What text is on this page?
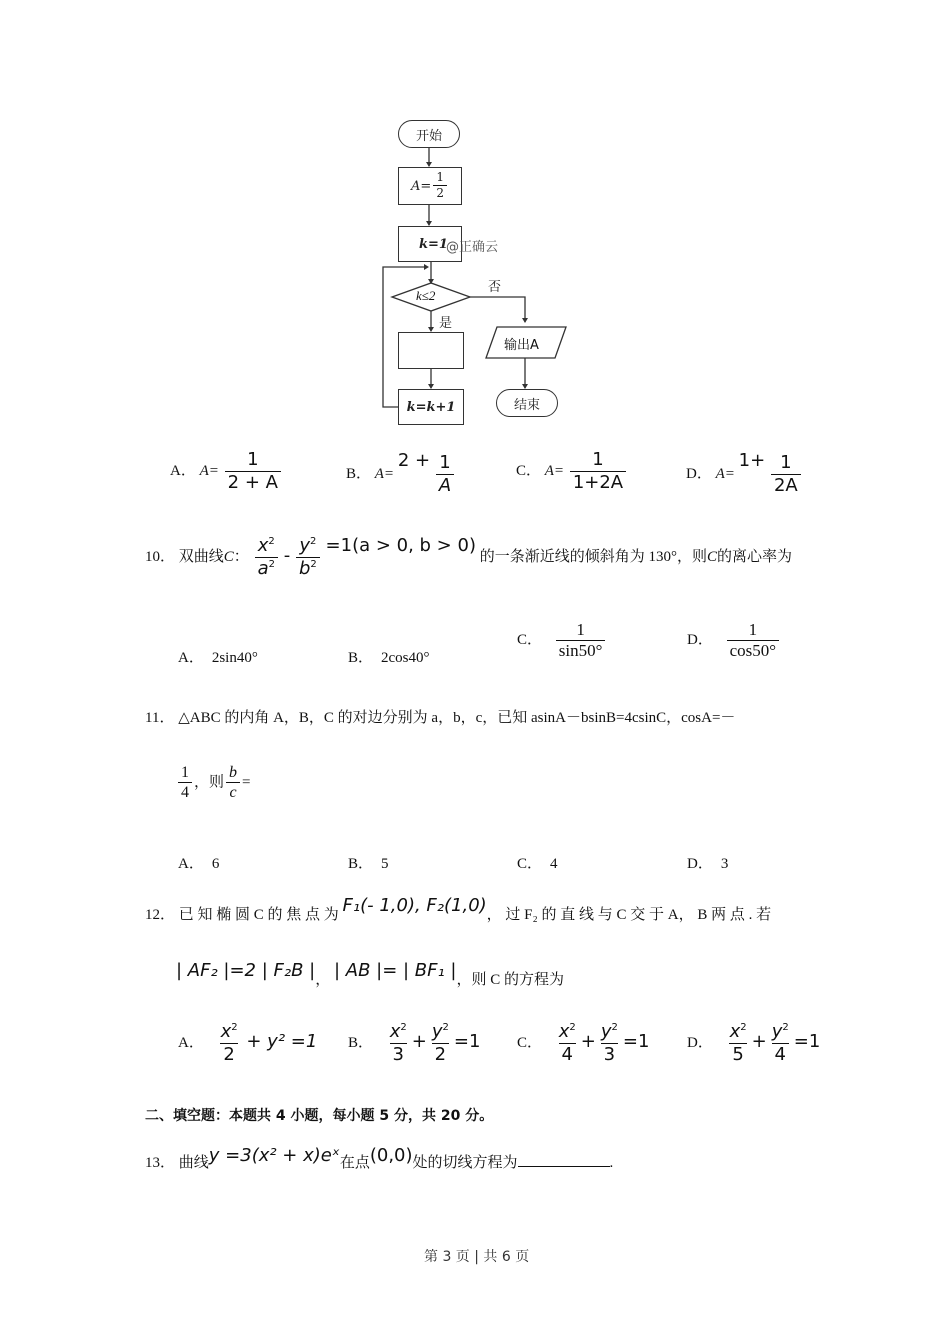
开始
$A= \frac{1}{2}$
k=1
@正确云
k≤2
是
否
k=k+1
输出A
结束
A． $A= \frac{1}{2 + A}$	B． $A= 2 + \frac{1}{A}$	C． $A= \frac{1}{1+2A}$	D． $A= 1+ \frac{1}{2A}$
10． 双曲线C： $\frac{x^2}{a^2} - \frac{y^2}{b^2} =1(a > 0$, b > 0) 的一条渐近线的倾斜角为 130°，则C的离心率为
A． 2sin40°	B． 2cos40°
C． $\frac{1}{\sin 50^\circ}$	D． $\frac{1}{\cos 50^\circ}$
11． △ABC 的内角 A，B，C 的对边分别为 a，b，c，已知 asinA－bsinB=4csinC，cosA=－
$\frac{1}{4}$ ，则 $\frac{b}{c}$ =
A． 6	B． 5	C． 4	D． 3
12． 已 知 椭 圆 C 的 焦 点 为 F₁(- 1,0), F₂(1,0)， 过 F₂ 的 直 线 与 C 交 于 A， B 两 点 . 若
| AF₂ |=2 | F₂B |， | AB |= | BF₁ |，则 C 的方程为
A． $\frac{x^2}{2} + y^2 =1$ B． $\frac{x^2}{3} + \frac{y^2}{2} =1$ C． $\frac{x^2}{4} + \frac{y^2}{3} =1$	D． $\frac{x^2}{5} + \frac{y^2}{4} =1$
二、填空题：本题共 4 小题，每小题 5 分，共 20 分。
13． 曲线y =3(x² + x)eˣ在点(0,0)处的切线方程为	.
第 3 页 | 共 6 页
